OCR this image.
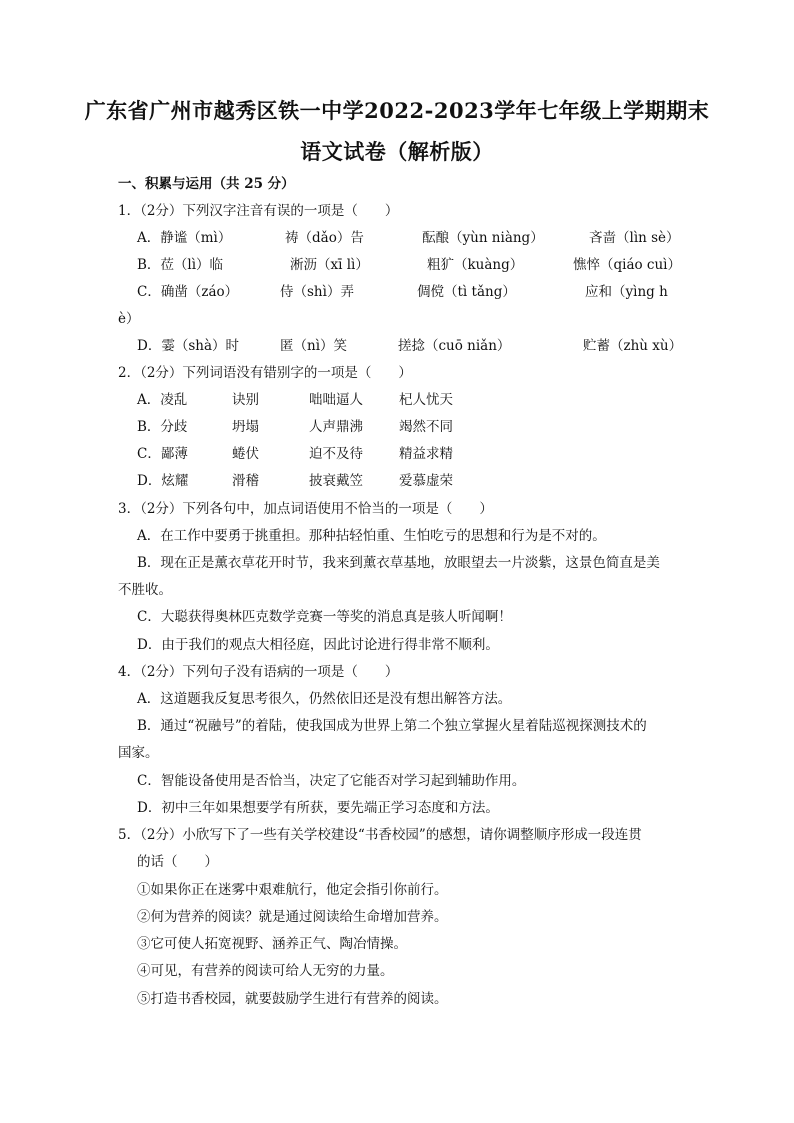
广东省广州市越秀区铁一中学2022-2023学年七年级上学期期末
语文试卷（解析版）
一、积累与运用（共 25 分）
1．（2分）下列汉字注音有误的一项是（　　）
A．静谧（mì）	祷（dǎo）告	酝酿（yùn niàng）	吝啬（lìn sè）
B．莅（lì）临	淅沥（xī lì）	粗犷（kuàng）	憔悴（qiáo cuì）
C．确凿（záo）	侍（shì）弄	倜傥（tì tǎng）	应和（yìng h
è）
D．霎（shà）时	匿（nì）笑	搓捻（cuō niǎn）	贮蓄（zhù xù）
2．（2分）下列词语没有错别字的一项是（　　）
A．凌乱	诀别	咄咄逼人	杞人忧天
B．分歧	坍塌	人声鼎沸	竭然不同
C．鄙薄	蜷伏	迫不及待	精益求精
D．炫耀	滑稽	披衰戴笠	爱慕虚荣
3．（2分）下列各句中，加点词语使用不恰当的一项是（　　）
A．在工作中要勇于挑重担。那种拈轻怕重、生怕吃亏的思想和行为是不对的。
B．现在正是薰衣草花开时节，我来到薰衣草基地，放眼望去一片淡紫，这景色简直是美
不胜收。
C．大聪获得奥林匹克数学竞赛一等奖的消息真是骇人听闻啊！
D．由于我们的观点大相径庭，因此讨论进行得非常不顺利。
4．（2分）下列句子没有语病的一项是（　　）
A．这道题我反复思考很久，仍然依旧还是没有想出解答方法。
B．通过“祝融号”的着陆，使我国成为世界上第二个独立掌握火星着陆巡视探测技术的
国家。
C．智能设备使用是否恰当，决定了它能否对学习起到辅助作用。
D．初中三年如果想要学有所获，要先端正学习态度和方法。
5．（2分）小欣写下了一些有关学校建设“书香校园”的感想，请你调整顺序形成一段连贯
的话（　　）
①如果你正在迷雾中艰难航行，他定会指引你前行。
②何为营养的阅读？就是通过阅读给生命增加营养。
③它可使人拓宽视野、涵养正气、陶冶情操。
④可见，有营养的阅读可给人无穷的力量。
⑤打造书香校园，就要鼓励学生进行有营养的阅读。
